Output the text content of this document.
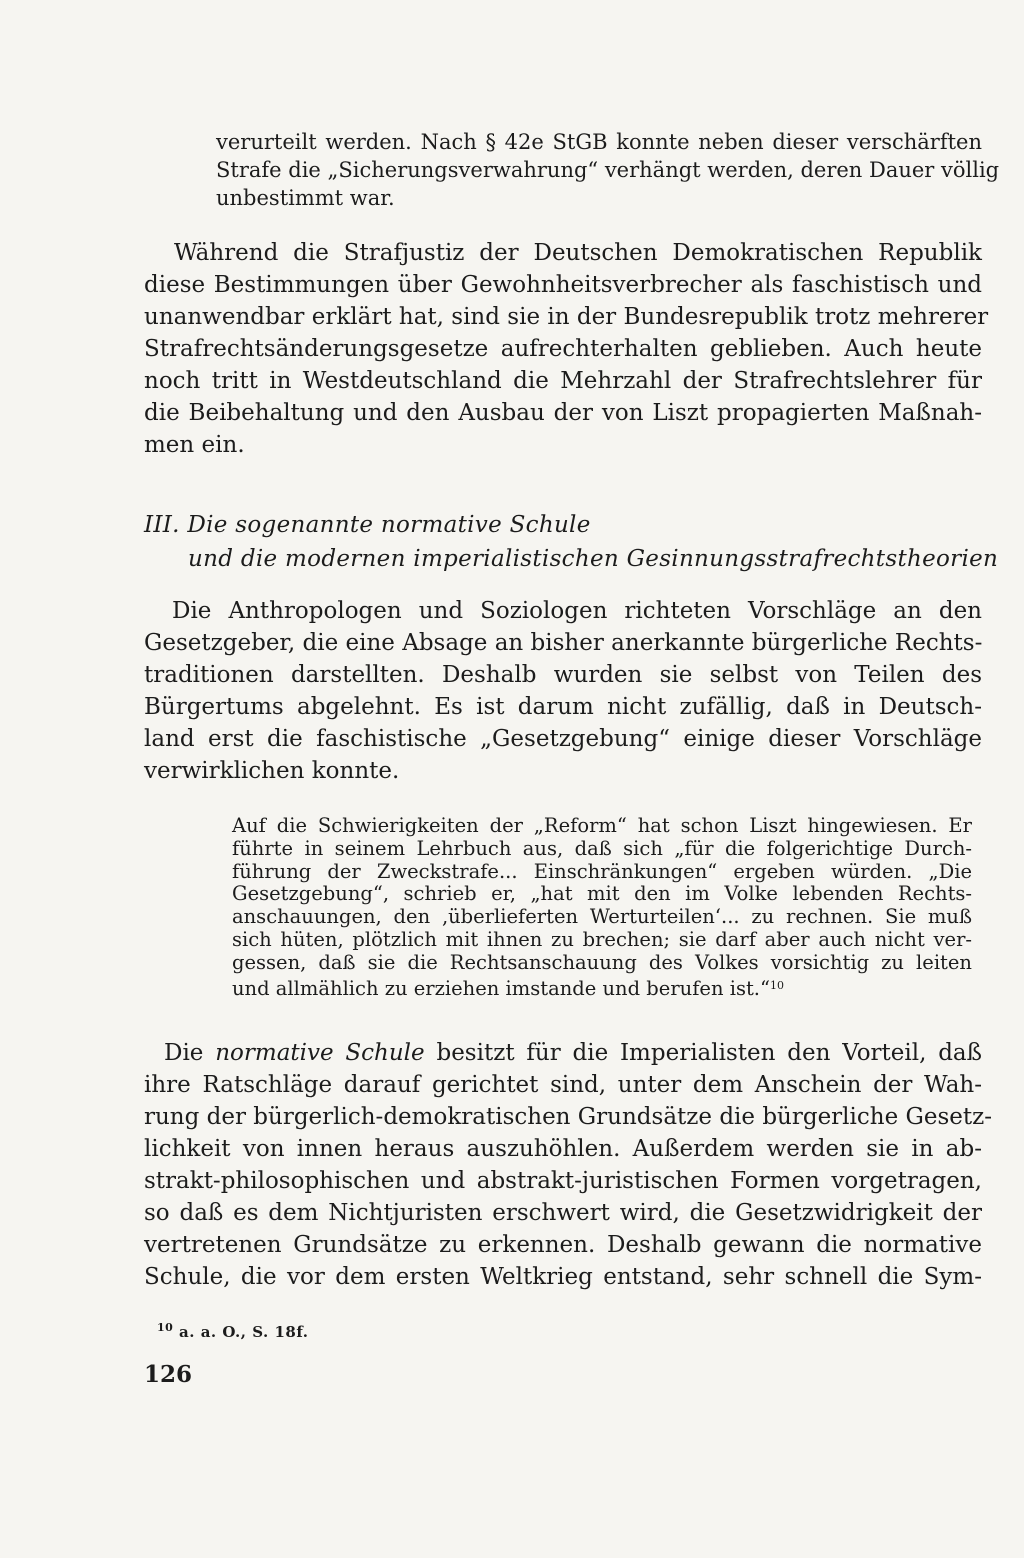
verurteilt werden. Nach § 42e StGB konnte neben dieser verschärften
Strafe die „Sicherungsverwahrung“ verhängt werden, deren Dauer völlig
unbestimmt war.

Während die Strafjustiz der Deutschen Demokratischen Republik
diese Bestimmungen über Gewohnheitsverbrecher als faschistisch und
unanwendbar erklärt hat, sind sie in der Bundesrepublik trotz mehrerer
Strafrechtsänderungsgesetze aufrechterhalten geblieben. Auch heute
noch tritt in Westdeutschland die Mehrzahl der Strafrechtslehrer für
die Beibehaltung und den Ausbau der von Liszt propagierten Maßnah-
men ein.

III. Die sogenannte normative Schule
und die modernen imperialistischen Gesinnungsstrafrechtstheorien

Die Anthropologen und Soziologen richteten Vorschläge an den
Gesetzgeber, die eine Absage an bisher anerkannte bürgerliche Rechts-
traditionen darstellten. Deshalb wurden sie selbst von Teilen des
Bürgertums abgelehnt. Es ist darum nicht zufällig, daß in Deutsch-
land erst die faschistische „Gesetzgebung“ einige dieser Vorschläge
verwirklichen konnte.

Auf die Schwierigkeiten der „Reform“ hat schon Liszt hingewiesen. Er
führte in seinem Lehrbuch aus, daß sich „für die folgerichtige Durch-
führung der Zweckstrafe... Einschränkungen“ ergeben würden. „Die
Gesetzgebung“, schrieb er, „hat mit den im Volke lebenden Rechts-
anschauungen, den ‚überlieferten Werturteilen‘... zu rechnen. Sie muß
sich hüten, plötzlich mit ihnen zu brechen; sie darf aber auch nicht ver-
gessen, daß sie die Rechtsanschauung des Volkes vorsichtig zu leiten
und allmählich zu erziehen imstande und berufen ist.“$^{10}$

Die normative Schule besitzt für die Imperialisten den Vorteil, daß
ihre Ratschläge darauf gerichtet sind, unter dem Anschein der Wah-
rung der bürgerlich-demokratischen Grundsätze die bürgerliche Gesetz-
lichkeit von innen heraus auszuhöhlen. Außerdem werden sie in ab-
strakt-philosophischen und abstrakt-juristischen Formen vorgetragen,
so daß es dem Nichtjuristen erschwert wird, die Gesetzwidrigkeit der
vertretenen Grundsätze zu erkennen. Deshalb gewann die normative
Schule, die vor dem ersten Weltkrieg entstand, sehr schnell die Sym-

$^{10}$ a. a. O., S. 18f.

126
